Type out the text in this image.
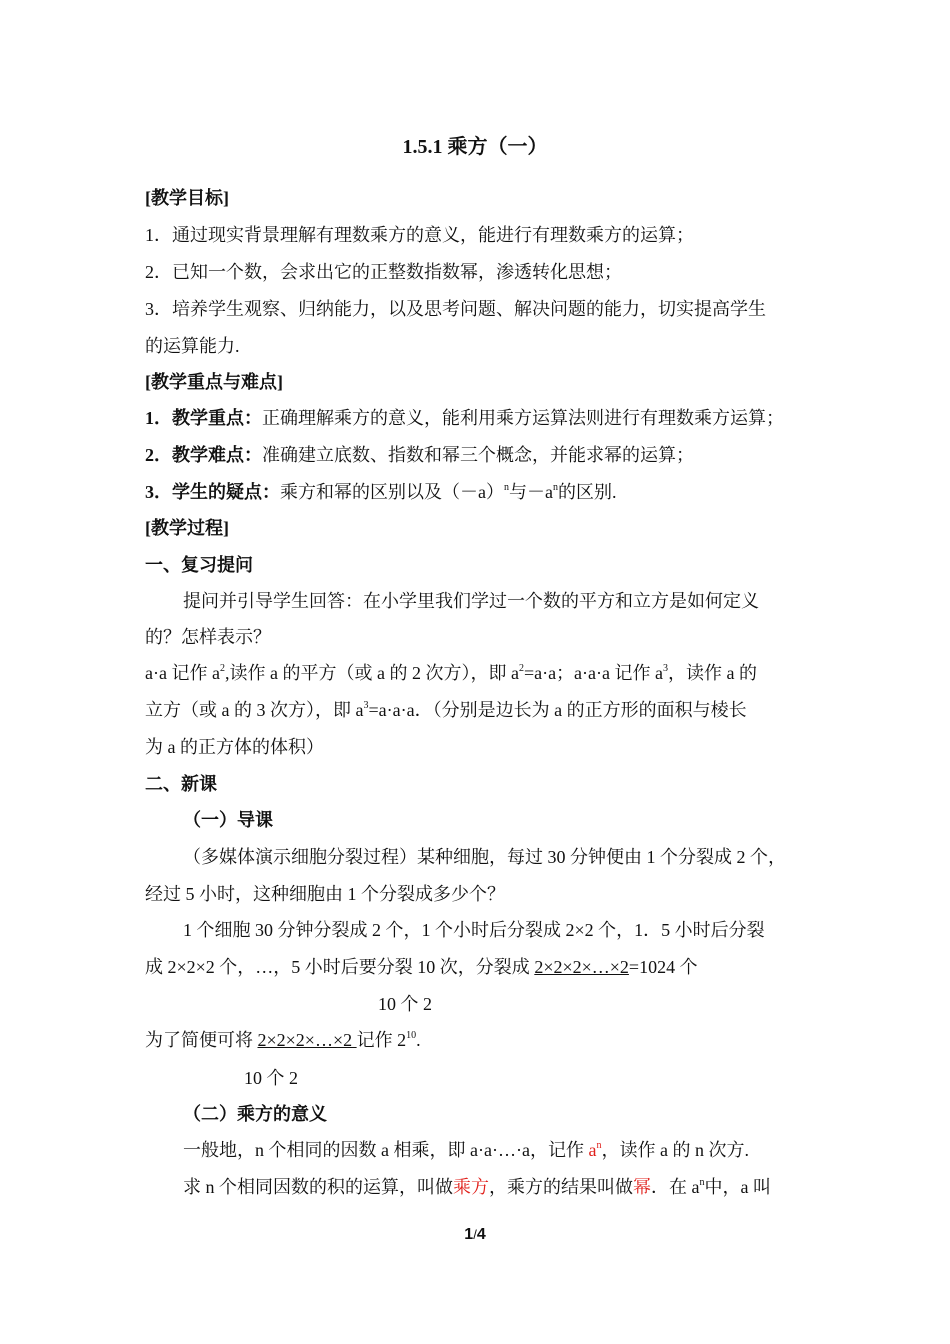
1.5.1 乘方（一）
[教学目标]
1．通过现实背景理解有理数乘方的意义，能进行有理数乘方的运算；
2．已知一个数，会求出它的正整数指数幂，渗透转化思想；
3．培养学生观察、归纳能力，以及思考问题、解决问题的能力，切实提高学生
的运算能力.
[教学重点与难点]
1．教学重点：正确理解乘方的意义，能利用乘方运算法则进行有理数乘方运算；
2．教学难点：准确建立底数、指数和幂三个概念，并能求幂的运算；
3．学生的疑点：乘方和幂的区别以及$(-a)^n$与$-a^n$的区别.
[教学过程]
一、复习提问
提问并引导学生回答：在小学里我们学过一个数的平方和立方是如何定义
的？怎样表示？
a·a 记作 $a^2$,读作 a 的平方（或 a 的 2 次方），即 $a^2=a\cdot a$；a·a·a 记作 $a^3$，读作 a 的
立方（或 a 的 3 次方），即 $a^3=a\cdot a\cdot a$．（分别是边长为 a 的正方形的面积与棱长
为 a 的正方体的体积）
二、新课
（一）导课
（多媒体演示细胞分裂过程）某种细胞，每过 30 分钟便由 1 个分裂成 2 个，
经过 5 小时，这种细胞由 1 个分裂成多少个？
1 个细胞 30 分钟分裂成 2 个，1 个小时后分裂成 2×2 个，1．5 小时后分裂
成 2×2×2 个，…，5 小时后要分裂 10 次，分裂成 2×2×2×…×2=1024 个
10 个 2
为了简便可将 2×2×2×…×2 记作 $2^{10}$.
10 个 2
（二）乘方的意义
一般地，n 个相同的因数 a 相乘，即 a·a·…·a，记作 $a^n$，读作 a 的 n 次方.
求 n 个相同因数的积的运算，叫做乘方，乘方的结果叫做幂．在 $a^n$中，a 叫
1/4
